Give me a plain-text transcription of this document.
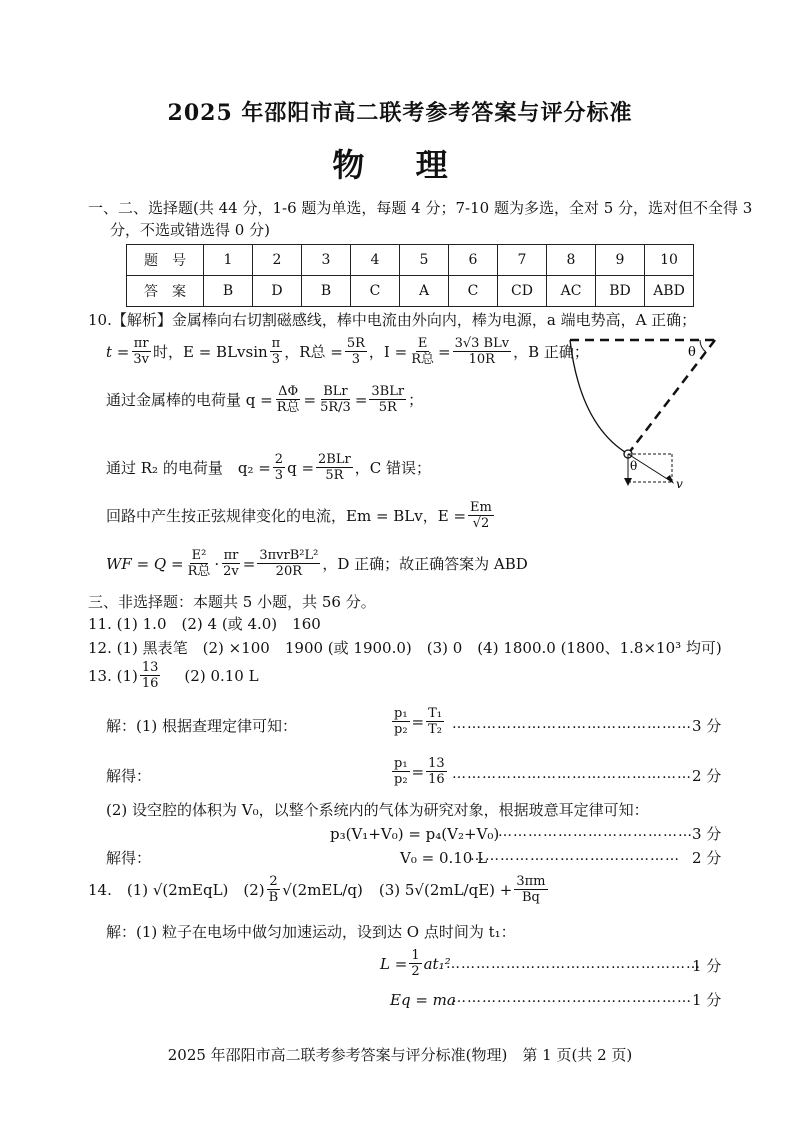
2025 年邵阳市高二联考参考答案与评分标准
物 理
一、二、选择题(共 44 分，1-6 题为单选，每题 4 分；7-10 题为多选，全对 5 分，选对但不全得 3
分，不选或错选得 0 分)
题　号	1	2	3	4	5	6	7	8	9	10
答　案	B	D	B	C	A	C	CD	AC	BD	ABD
10.【解析】金属棒向右切割磁感线，棒中电流由外向内，棒为电源，a 端电势高，A 正确；
$t = \frac{\pi r}{3v}$ 时，E = BLvsin $\frac{\pi}{3}$ ，R总 = $\frac{5R}{3}$ ，$I = \frac{E}{\text{R总}} = \frac{\text{3√3 BLv}}{10R}$ ，B 正确；
通过金属棒的电荷量 $q = \frac{\Delta\Phi}{\text{R总}} = \frac{\text{BLr}}{5R/3} = \frac{\text{3BLr}}{5R}$ ；
通过 R₂ 的电荷量　$q_2 = \frac{2}{3}$ $q = \frac{\text{2BLr}}{5R}$ ，C 错误；
回路中产生按正弦规律变化的电流，Em = BLv，$E = \frac{Em}{√2}$
WF = $Q = \frac{\text{E²}}{\text{R总}} \cdot \frac{\pi r}{2v} = \frac{\text{3πvrB²L²}}{20R}$ ，D 正确；故正确答案为 ABD
θ
θ
v
三、非选择题：本题共 5 小题，共 56 分。
11. (1) 1.0　(2) 4 (或 4.0)　160
12. (1) 黑表笔　(2) ×100　1900 (或 1900.0)　(3) 0　(4) 1800.0 (1800、1.8×10³ 均可)
13. $(1) \frac{13}{16} (2)$ 0.10 L
解：(1) 根据查理定律可知：	$\frac{\text{p₁}}{\text{p₂}} = \frac{\text{T₁}}{\text{T₂}}$ ………………………………………… 3 分
解得：	$\frac{\text{p₁}}{\text{p₂}} = \frac{13}{16}$ ………………………………………… 2 分
(2) 设空腔的体积为 V₀，以整个系统内的气体为研究对象，根据玻意耳定律可知：
p₃(V₁+V₀) = p₄(V₂+V₀)
………………………………… 3 分
解得：	V₀ = 0.10 L
…………………………………… 2 分
14.　(1) √(2mEqL)　$(2) \frac{2}{B} √(2mEL/q)$ (3) $5√(2mL/qE) + \frac{3\pi m}{Bq}$
解：(1) 粒子在电场中做匀加速运动，设到达 O 点时间为 t₁：
$L = \frac{1}{2} at_1^2$
……………………………………………
1 分
Eq = ma
………………………………………… 1 分
2025 年邵阳市高二联考参考答案与评分标准(物理)　第 1 页(共 2 页)
